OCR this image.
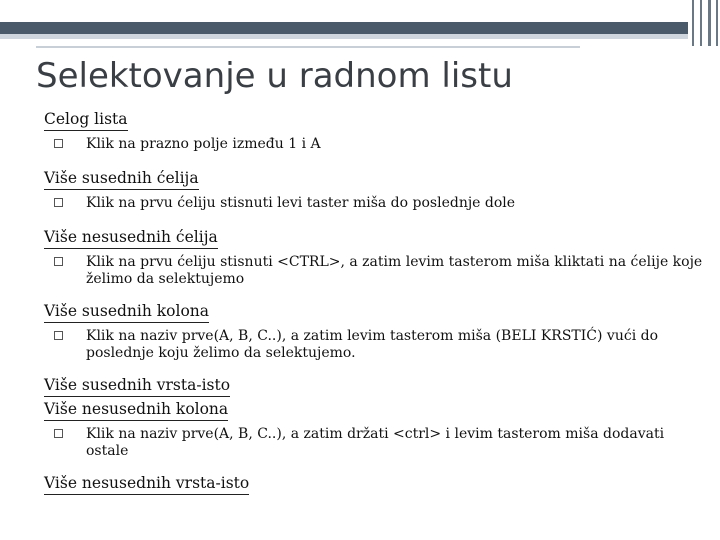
Selektovanje u radnom listu
Celog lista
Klik na prazno polje između 1 i A
Više susednih ćelija
Klik na prvu ćeliju stisnuti levi taster miša do poslednje dole
Više nesusednih ćelija
Klik na prvu ćeliju stisnuti <CTRL>, a zatim levim tasterom miša kliktati na ćelije koje želimo da selektujemo
Više susednih kolona
Klik na naziv prve(A, B, C..), a zatim levim tasterom miša (BELI KRSTIĆ) vući do poslednje koju želimo da selektujemo.
Više susednih vrsta-isto
Više nesusednih kolona
Klik na naziv prve(A, B, C..), a zatim držati <ctrl> i levim tasterom miša dodavati ostale
Više nesusednih vrsta-isto
